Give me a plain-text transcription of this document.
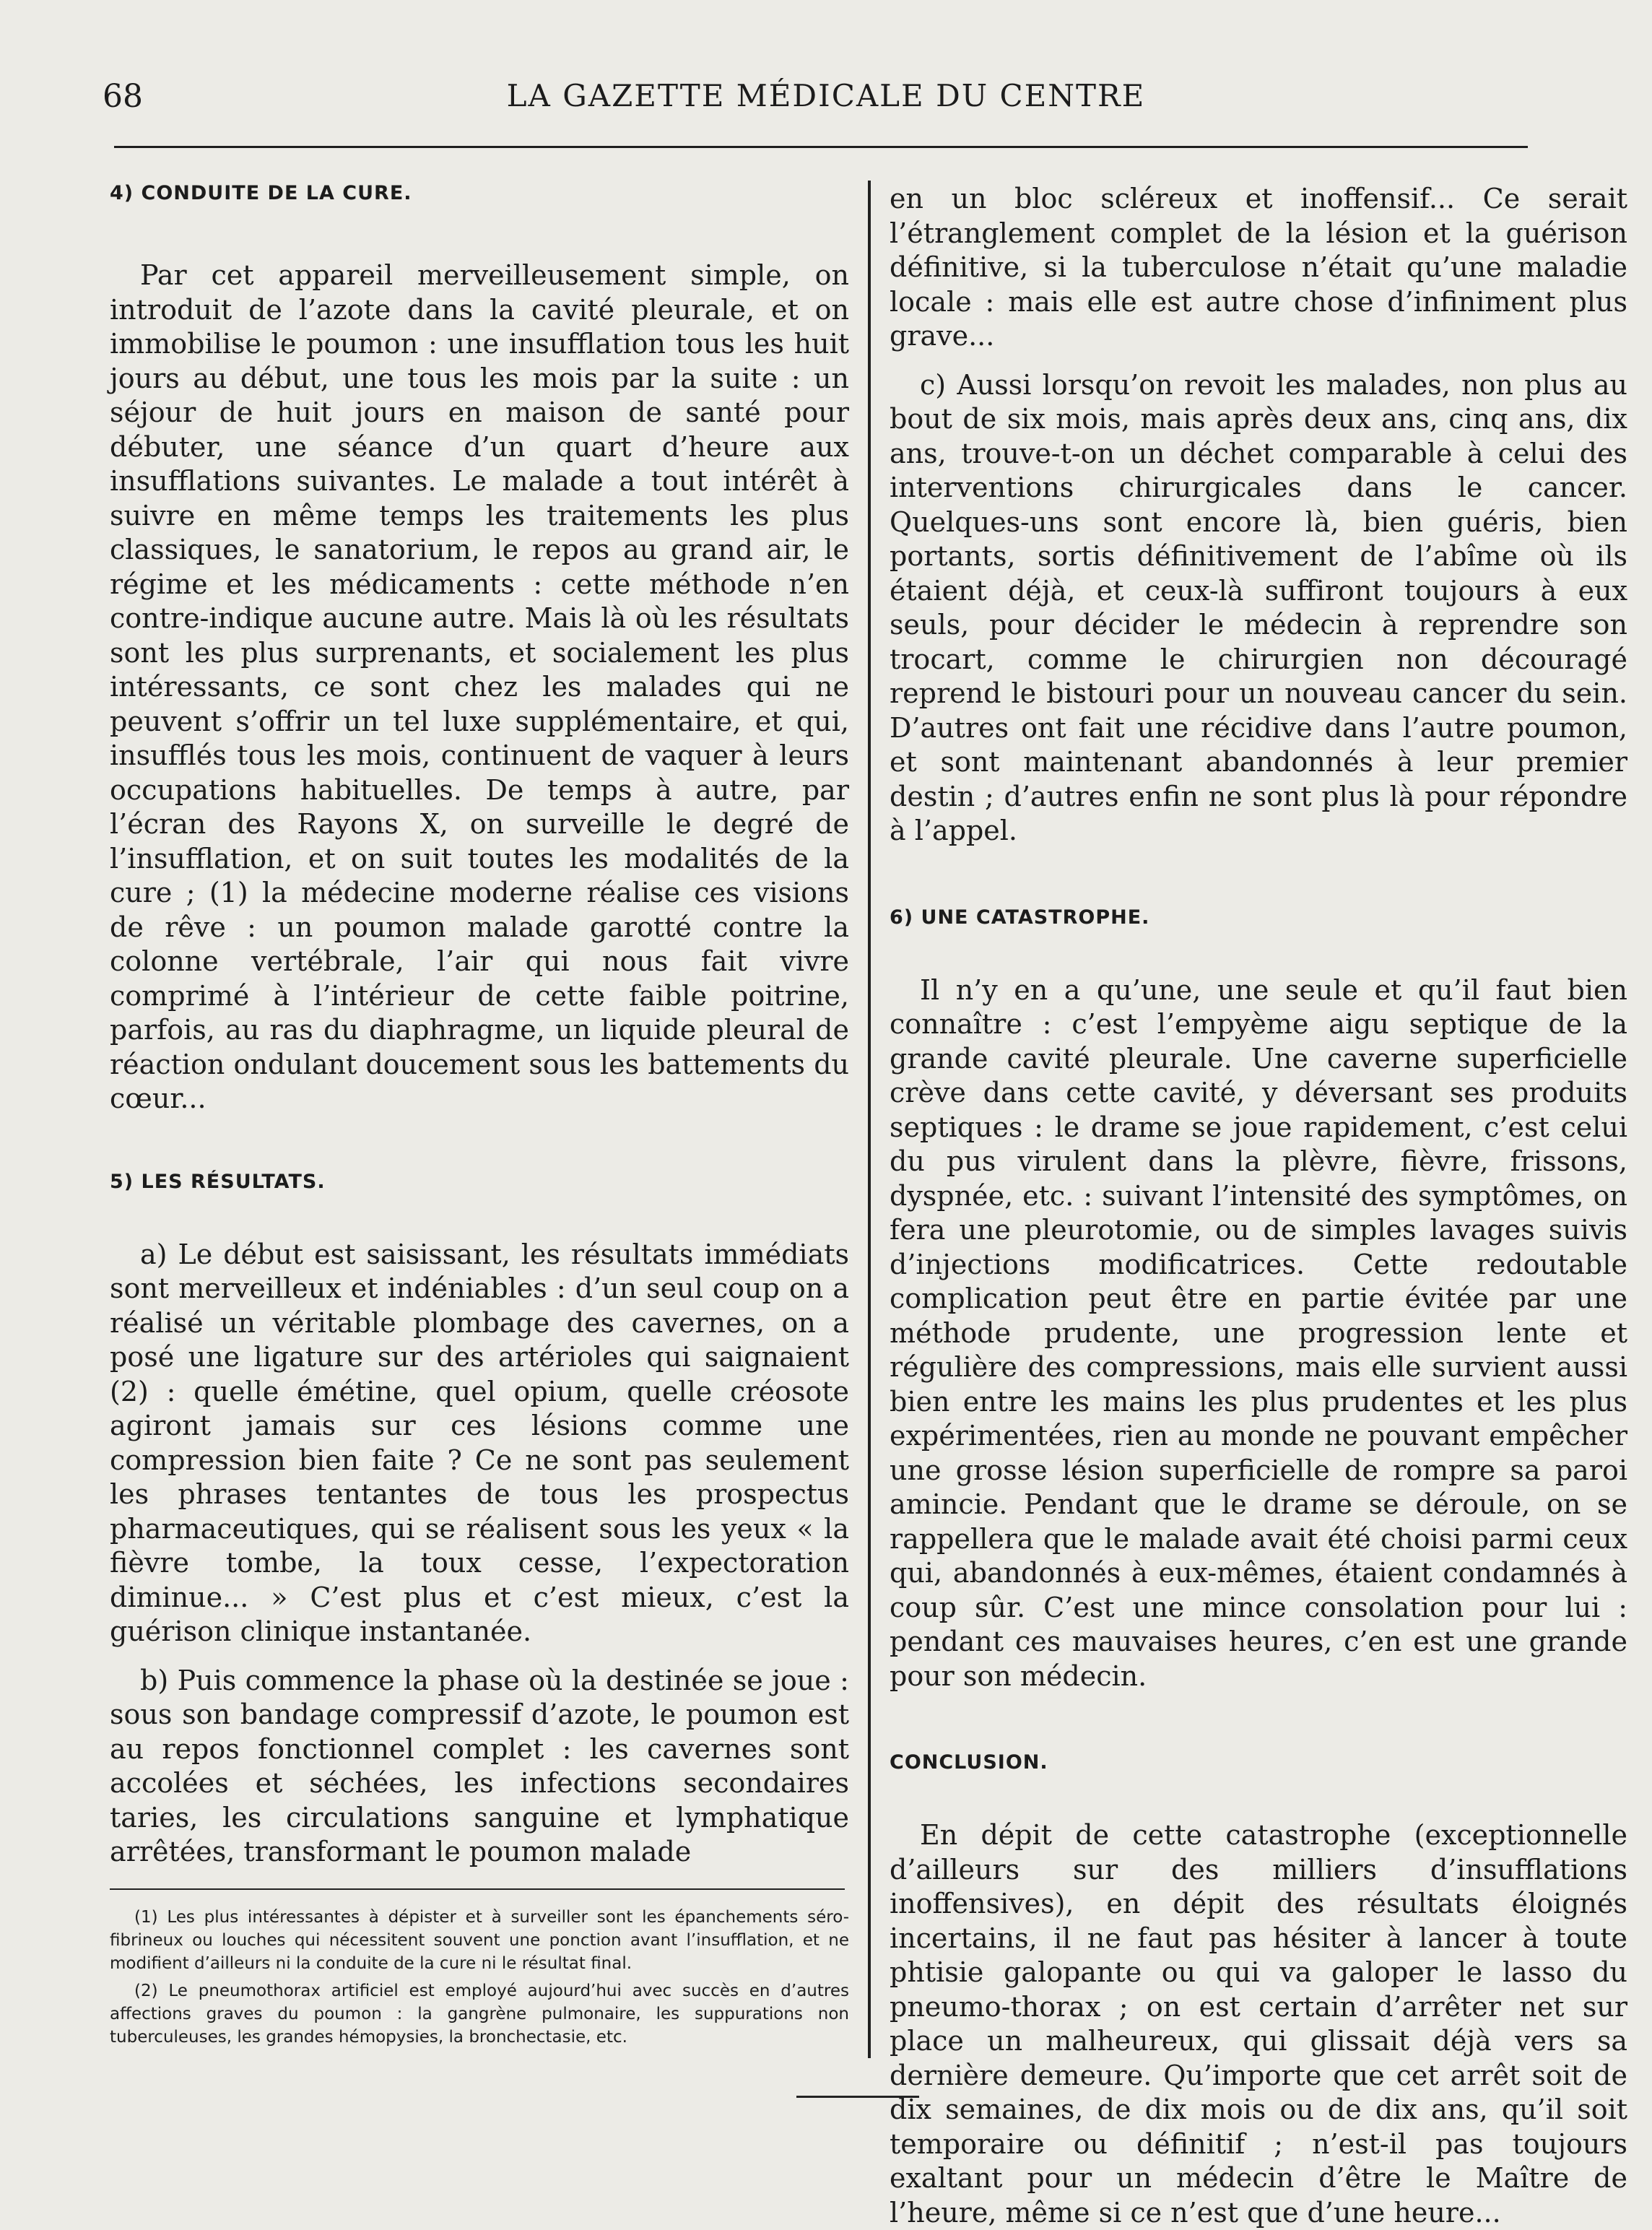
68	LA GAZETTE MÉDICALE DU CENTRE
4) CONDUITE DE LA CURE.

Par cet appareil merveilleusement simple, on introduit de l’azote dans la cavité pleurale, et on immobilise le poumon : une insufflation tous les huit jours au début, une tous les mois par la suite : un séjour de huit jours en maison de santé pour débuter, une séance d’un quart d’heure aux insufflations suivantes. Le malade a tout intérêt à suivre en même temps les traitements les plus classiques, le sanatorium, le repos au grand air, le régime et les médicaments : cette méthode n’en contre-indique aucune autre. Mais là où les résultats sont les plus surprenants, et socialement les plus intéressants, ce sont chez les malades qui ne peuvent s’offrir un tel luxe supplémentaire, et qui, insufflés tous les mois, continuent de vaquer à leurs occupations habituelles. De temps à autre, par l’écran des Rayons X, on surveille le degré de l’insufflation, et on suit toutes les modalités de la cure ; (1) la médecine moderne réalise ces visions de rêve : un poumon malade garotté contre la colonne vertébrale, l’air qui nous fait vivre comprimé à l’intérieur de cette faible poitrine, parfois, au ras du diaphragme, un liquide pleural de réaction ondulant doucement sous les battements du cœur...

5) LES RÉSULTATS.

a) Le début est saisissant, les résultats immédiats sont merveilleux et indéniables : d’un seul coup on a réalisé un véritable plombage des cavernes, on a posé une ligature sur des artérioles qui saignaient (2) : quelle émétine, quel opium, quelle créosote agiront jamais sur ces lésions comme une compression bien faite ? Ce ne sont pas seulement les phrases tentantes de tous les prospectus pharmaceutiques, qui se réalisent sous les yeux « la fièvre tombe, la toux cesse, l’expectoration diminue... » C’est plus et c’est mieux, c’est la guérison clinique instantanée.

b) Puis commence la phase où la destinée se joue : sous son bandage compressif d’azote, le poumon est au repos fonctionnel complet : les cavernes sont accolées et séchées, les infections secondaires taries, les circulations sanguine et lymphatique arrêtées, transformant le poumon malade

(1) Les plus intéressantes à dépister et à surveiller sont les épanchements séro-fibrineux ou louches qui nécessitent souvent une ponction avant l’insufflation, et ne modifient d’ailleurs ni la conduite de la cure ni le résultat final.

(2) Le pneumothorax artificiel est employé aujourd’hui avec succès en d’autres affections graves du poumon : la gangrène pulmonaire, les suppurations non tuberculeuses, les grandes hémopysies, la bronchectasie, etc.

en un bloc scléreux et inoffensif... Ce serait l’étranglement complet de la lésion et la guérison définitive, si la tuberculose n’était qu’une maladie locale : mais elle est autre chose d’infiniment plus grave...

c) Aussi lorsqu’on revoit les malades, non plus au bout de six mois, mais après deux ans, cinq ans, dix ans, trouve-t-on un déchet comparable à celui des interventions chirurgicales dans le cancer. Quelques-uns sont encore là, bien guéris, bien portants, sortis définitivement de l’abîme où ils étaient déjà, et ceux-là suffiront toujours à eux seuls, pour décider le médecin à reprendre son trocart, comme le chirurgien non découragé reprend le bistouri pour un nouveau cancer du sein. D’autres ont fait une récidive dans l’autre poumon, et sont maintenant abandonnés à leur premier destin ; d’autres enfin ne sont plus là pour répondre à l’appel.

6) UNE CATASTROPHE.

Il n’y en a qu’une, une seule et qu’il faut bien connaître : c’est l’empyème aigu septique de la grande cavité pleurale. Une caverne superficielle crève dans cette cavité, y déversant ses produits septiques : le drame se joue rapidement, c’est celui du pus virulent dans la plèvre, fièvre, frissons, dyspnée, etc. : suivant l’intensité des symptômes, on fera une pleurotomie, ou de simples lavages suivis d’injections modificatrices. Cette redoutable complication peut être en partie évitée par une méthode prudente, une progression lente et régulière des compressions, mais elle survient aussi bien entre les mains les plus prudentes et les plus expérimentées, rien au monde ne pouvant empêcher une grosse lésion superficielle de rompre sa paroi amincie. Pendant que le drame se déroule, on se rappellera que le malade avait été choisi parmi ceux qui, abandonnés à eux-mêmes, étaient condamnés à coup sûr. C’est une mince consolation pour lui : pendant ces mauvaises heures, c’en est une grande pour son médecin.

CONCLUSION.

En dépit de cette catastrophe (exceptionnelle d’ailleurs sur des milliers d’insufflations inoffensives), en dépit des résultats éloignés incertains, il ne faut pas hésiter à lancer à toute phtisie galopante ou qui va galoper le lasso du pneumo-thorax ; on est certain d’arrêter net sur place un malheureux, qui glissait déjà vers sa dernière demeure. Qu’importe que cet arrêt soit de dix semaines, de dix mois ou de dix ans, qu’il soit temporaire ou définitif ; n’est-il pas toujours exaltant pour un médecin d’être le Maître de l’heure, même si ce n’est que d’une heure...
